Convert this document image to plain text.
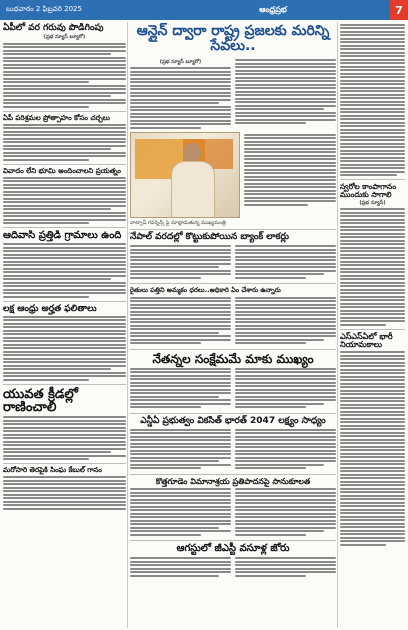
బుధవారం 2 ఫిబ్రవరి 2025	ఆంధ్రప్రభ	7
ఏపీలో వర గరువు పొడిగింపు
(ప్రభ న్యూస్ బ్యూరో)
ఏపీ పరిశ్రమల ప్రోత్సాహం కోసం చర్చలు
వివాదం లేని భూమి అందించాలని ప్రయత్నం
ఆదివాసి ప్రత్తిడి గ్రామాలు ఉంది
లక్ష ఆంధ్రు అర్హత ఫలితాలు
యువత క్రీడల్లో రాణించాలి
మరోసారి తెరపైకి సింఘ కేబుల్ గానం
ఆన్లైన్ ద్వారా రాష్ట్ర ప్రజలకు మరిన్ని సేవలు..
(ప్రభ న్యూస్ బ్యూరో)
వాట్సాప్ గవర్నెన్స్ పై మాట్లాడుతున్న ముఖ్యమంత్రి
నేపాల్ వరదల్లో కొట్టుకుపోయిన బ్యాంక్ లాకర్లు
రైతులు పత్తిని అమ్మకం ధరలు..అధికారి ఏం చేశారు ఉన్నారు
నేతన్నల సంక్షేమమే మాకు ముఖ్యం
ఎన్డీఏ ప్రభుత్వం వికసిత్ భారత్ 2047 లక్ష్యం సాధ్యం
కొత్తగూడెం విమానాశ్రయ ప్రతిపాదనపై సానుకూలత
ఆగస్టులో జీఎస్టీ వసూళ్ల జోరు
స్వరోల కాంపాగానం ముందుకు సాగాలి
(ప్రభ న్యూస్)
ఎస్ఎస్ఏలో భారీ నియామకాలు
